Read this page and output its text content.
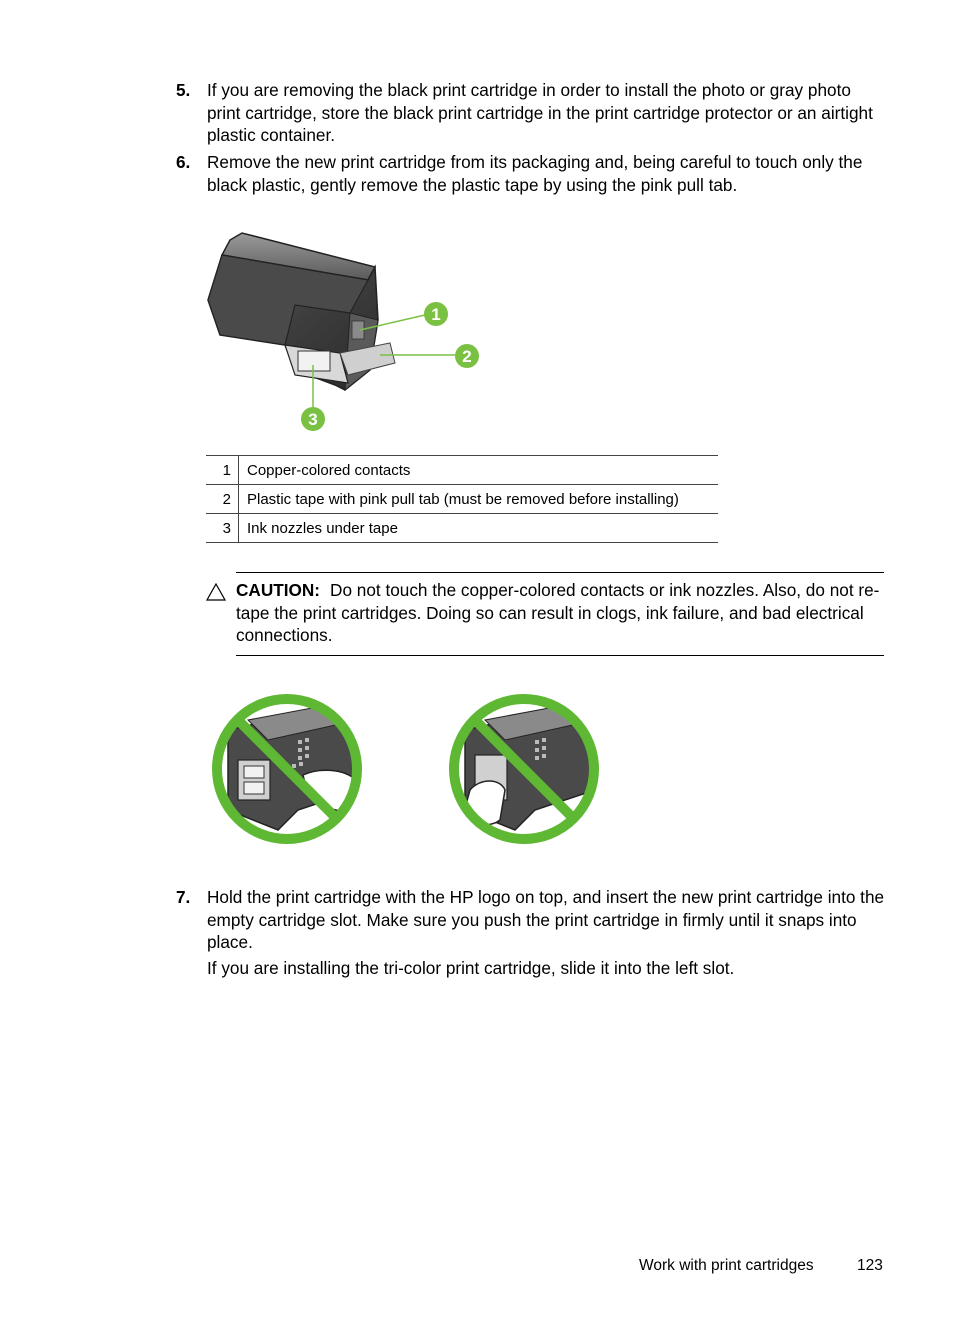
5. If you are removing the black print cartridge in order to install the photo or gray photo print cartridge, store the black print cartridge in the print cartridge protector or an airtight plastic container.
6. Remove the new print cartridge from its packaging and, being careful to touch only the black plastic, gently remove the plastic tape by using the pink pull tab.
1
2
3
1	Copper-colored contacts
2	Plastic tape with pink pull tab (must be removed before installing)
3	Ink nozzles under tape
CAUTION: Do not touch the copper-colored contacts or ink nozzles. Also, do not re-tape the print cartridges. Doing so can result in clogs, ink failure, and bad electrical connections.
7. Hold the print cartridge with the HP logo on top, and insert the new print cartridge into the empty cartridge slot. Make sure you push the print cartridge in firmly until it snaps into place.
If you are installing the tri-color print cartridge, slide it into the left slot.
Work with print cartridges	123
